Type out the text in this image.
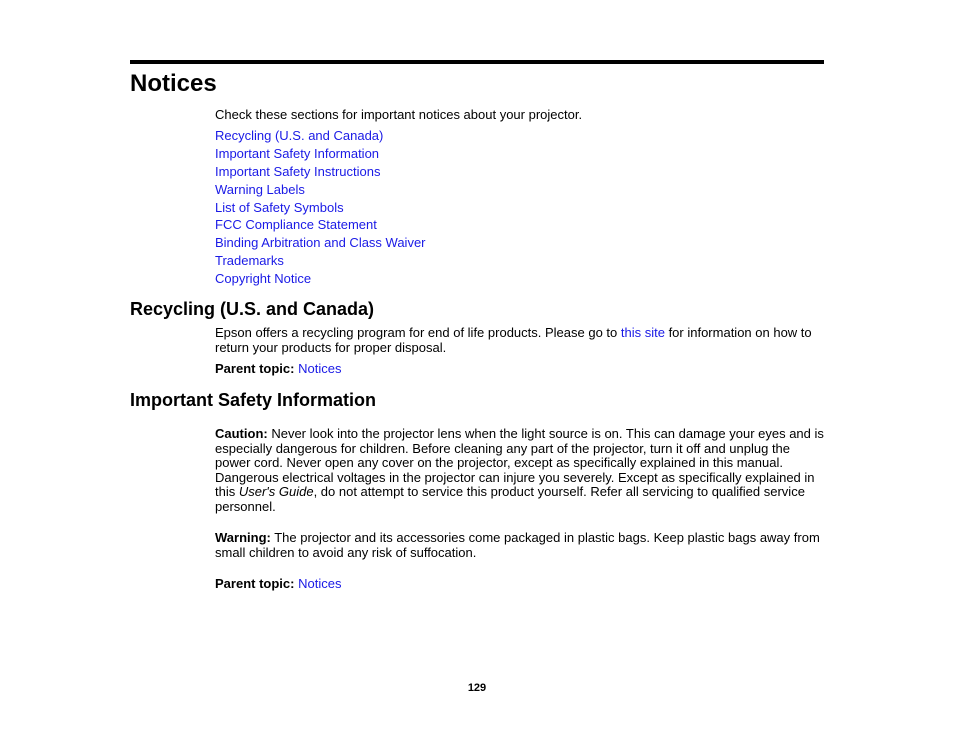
Notices

Check these sections for important notices about your projector.

Recycling (U.S. and Canada)
Important Safety Information
Important Safety Instructions
Warning Labels
List of Safety Symbols
FCC Compliance Statement
Binding Arbitration and Class Waiver
Trademarks
Copyright Notice
Recycling (U.S. and Canada)

Epson offers a recycling program for end of life products. Please go to this site for information on how to return your products for proper disposal.

Parent topic: Notices

Important Safety Information

Caution: Never look into the projector lens when the light source is on. This can damage your eyes and is especially dangerous for children. Before cleaning any part of the projector, turn it off and unplug the power cord. Never open any cover on the projector, except as specifically explained in this manual. Dangerous electrical voltages in the projector can injure you severely. Except as specifically explained in this User's Guide, do not attempt to service this product yourself. Refer all servicing to qualified service personnel.

Warning: The projector and its accessories come packaged in plastic bags. Keep plastic bags away from small children to avoid any risk of suffocation.

Parent topic: Notices

129
